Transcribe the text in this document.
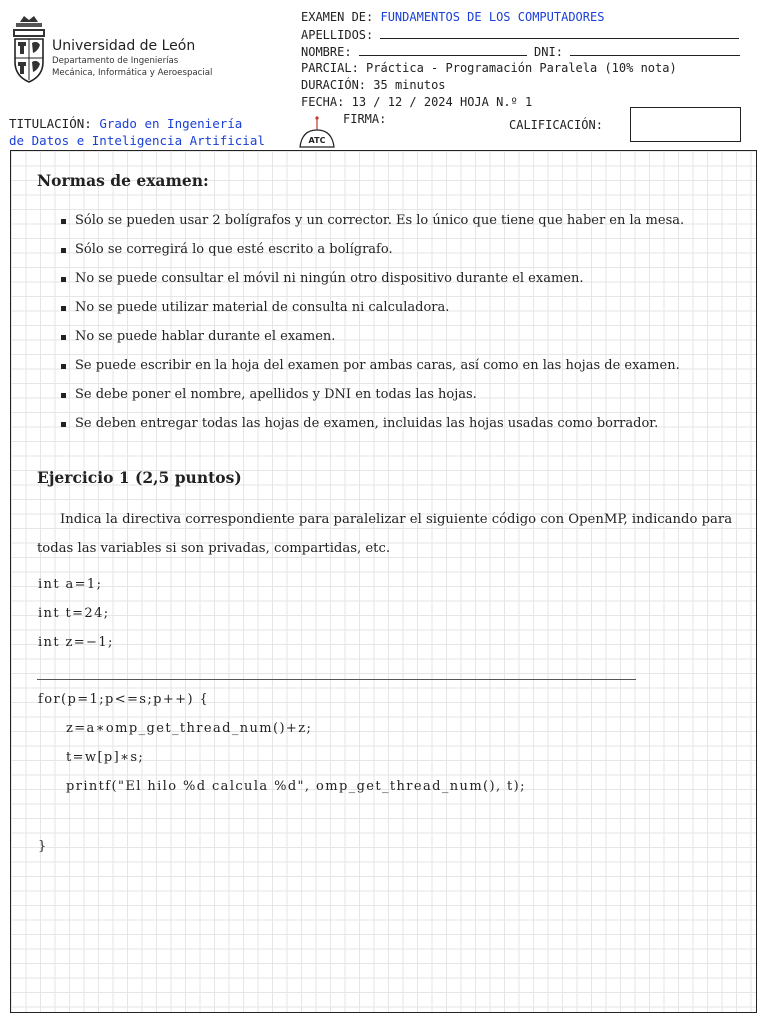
Universidad de León
Departamento de Ingenierías
Mecánica, Informática y Aeroespacial
EXAMEN DE: FUNDAMENTOS DE LOS COMPUTADORES
APELLIDOS:
NOMBRE:	DNI:
PARCIAL: Práctica - Programación Paralela (10% nota)
DURACIÓN: 35 minutos
FECHA: 13 / 12 / 2024 HOJA N.º 1
TITULACIÓN: Grado en Ingeniería
de Datos e Inteligencia Artificial	ATC
FIRMA:	CALIFICACIÓN:
Normas de examen:
Sólo se pueden usar 2 bolígrafos y un corrector. Es lo único que tiene que haber en la mesa.
Sólo se corregirá lo que esté escrito a bolígrafo.
No se puede consultar el móvil ni ningún otro dispositivo durante el examen.
No se puede utilizar material de consulta ni calculadora.
No se puede hablar durante el examen.
Se puede escribir en la hoja del examen por ambas caras, así como en las hojas de examen.
Se debe poner el nombre, apellidos y DNI en todas las hojas.
Se deben entregar todas las hojas de examen, incluidas las hojas usadas como borrador.
Ejercicio 1 (2,5 puntos)
Indica la directiva correspondiente para paralelizar el siguiente código con OpenMP, indicando para todas las variables si son privadas, compartidas, etc.
int a=1;
int t=24;
int z=−1;
for(p=1;p<=s;p++) {
z=a∗omp_get_thread_num()+z;
t=w[p]∗s;
printf("El hilo %d calcula %d", omp_get_thread_num(), t);
}
